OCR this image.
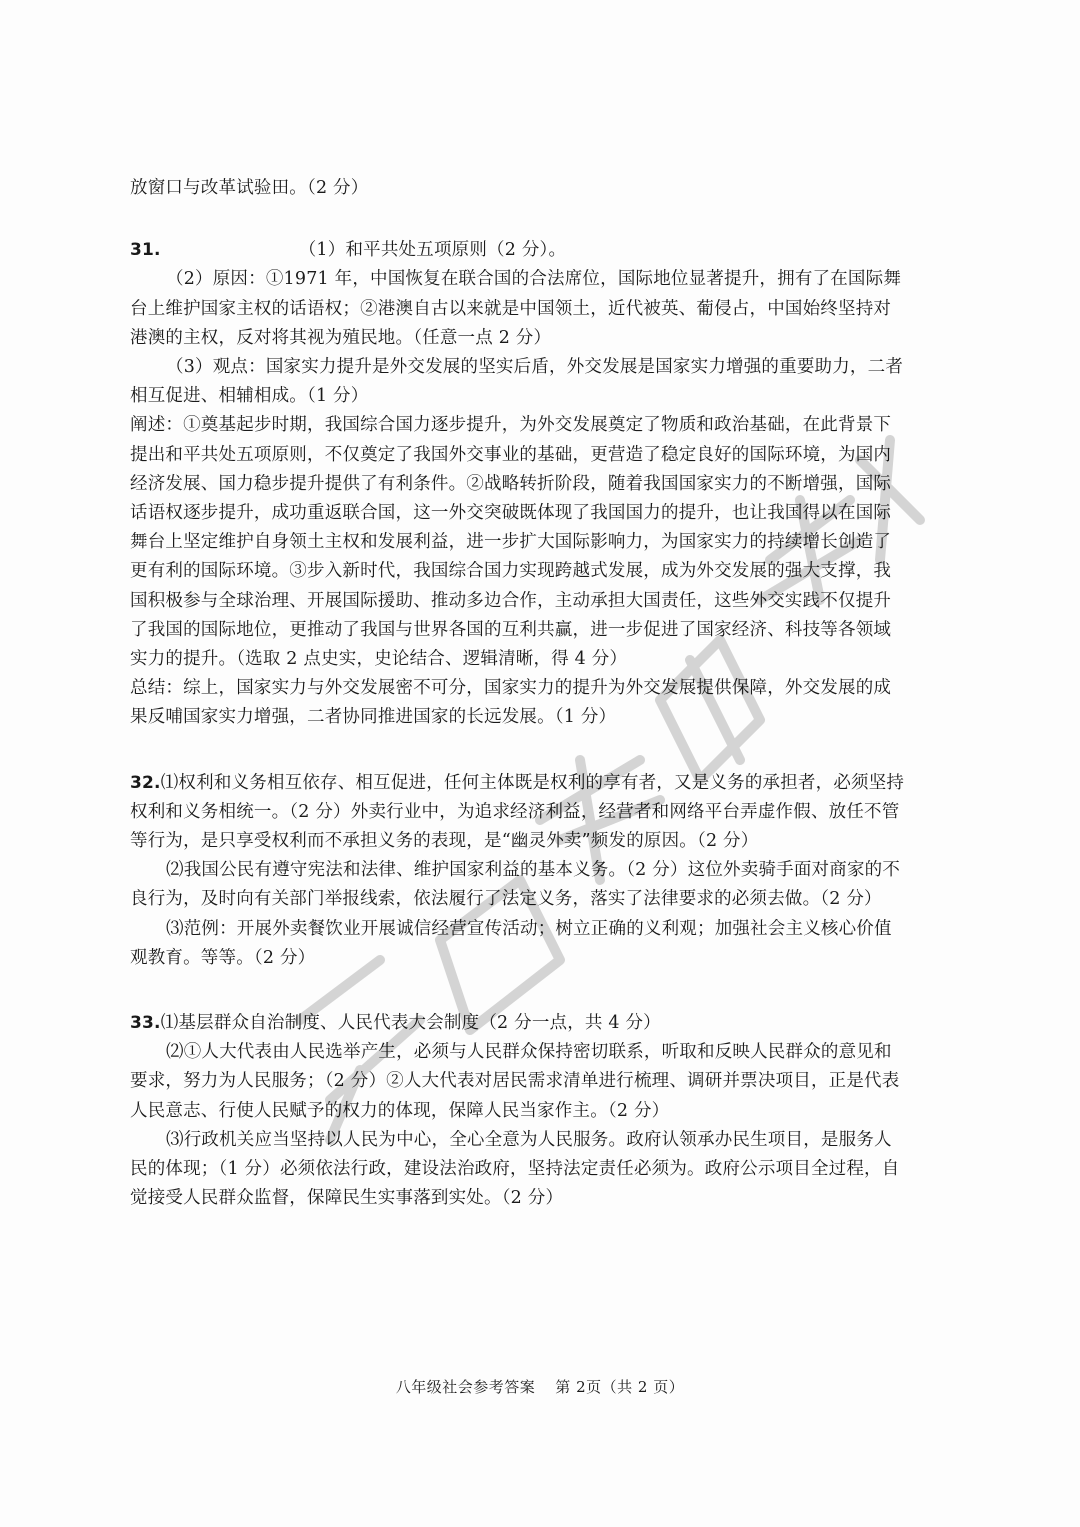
放窗口与改革试验田。（2 分）
31.	（1）和平共处五项原则（2 分）。
（2）原因：①1971 年，中国恢复在联合国的合法席位，国际地位显著提升，拥有了在国际舞
台上维护国家主权的话语权；②港澳自古以来就是中国领土，近代被英、葡侵占，中国始终坚持对
港澳的主权，反对将其视为殖民地。（任意一点 2 分）
（3）观点：国家实力提升是外交发展的坚实后盾，外交发展是国家实力增强的重要助力，二者
相互促进、相辅相成。（1 分）
阐述：①奠基起步时期，我国综合国力逐步提升，为外交发展奠定了物质和政治基础，在此背景下
提出和平共处五项原则，不仅奠定了我国外交事业的基础，更营造了稳定良好的国际环境，为国内
经济发展、国力稳步提升提供了有利条件。②战略转折阶段，随着我国国家实力的不断增强，国际
话语权逐步提升，成功重返联合国，这一外交突破既体现了我国国力的提升，也让我国得以在国际
舞台上坚定维护自身领土主权和发展利益，进一步扩大国际影响力，为国家实力的持续增长创造了
更有利的国际环境。③步入新时代，我国综合国力实现跨越式发展，成为外交发展的强大支撑，我
国积极参与全球治理、开展国际援助、推动多边合作，主动承担大国责任，这些外交实践不仅提升
了我国的国际地位，更推动了我国与世界各国的互利共赢，进一步促进了国家经济、科技等各领域
实力的提升。（选取 2 点史实，史论结合、逻辑清晰，得 4 分）
总结：综上，国家实力与外交发展密不可分，国家实力的提升为外交发展提供保障，外交发展的成
果反哺国家实力增强，二者协同推进国家的长远发展。（1 分）
32.⑴权利和义务相互依存、相互促进，任何主体既是权利的享有者，又是义务的承担者，必须坚持
权利和义务相统一。（2 分）外卖行业中，为追求经济利益，经营者和网络平台弄虚作假、放任不管
等行为，是只享受权利而不承担义务的表现，是“幽灵外卖”频发的原因。（2 分）
⑵我国公民有遵守宪法和法律、维护国家利益的基本义务。（2 分）这位外卖骑手面对商家的不
良行为，及时向有关部门举报线索，依法履行了法定义务，落实了法律要求的必须去做。（2 分）
⑶范例：开展外卖餐饮业开展诚信经营宣传活动；树立正确的义利观；加强社会主义核心价值
观教育。等等。（2 分）
33.⑴基层群众自治制度、人民代表大会制度（2 分一点，共 4 分）
⑵①人大代表由人民选举产生，必须与人民群众保持密切联系，听取和反映人民群众的意见和
要求，努力为人民服务；（2 分）②人大代表对居民需求清单进行梳理、调研并票决项目，正是代表
人民意志、行使人民赋予的权力的体现，保障人民当家作主。（2 分）
⑶行政机关应当坚持以人民为中心，全心全意为人民服务。政府认领承办民生项目，是服务人
民的体现；（1 分）必须依法行政，建设法治政府，坚持法定责任必须为。政府公示项目全过程，自
觉接受人民群众监督，保障民生实事落到实处。（2 分）
八年级社会参考答案 第 2页（共 2 页）
